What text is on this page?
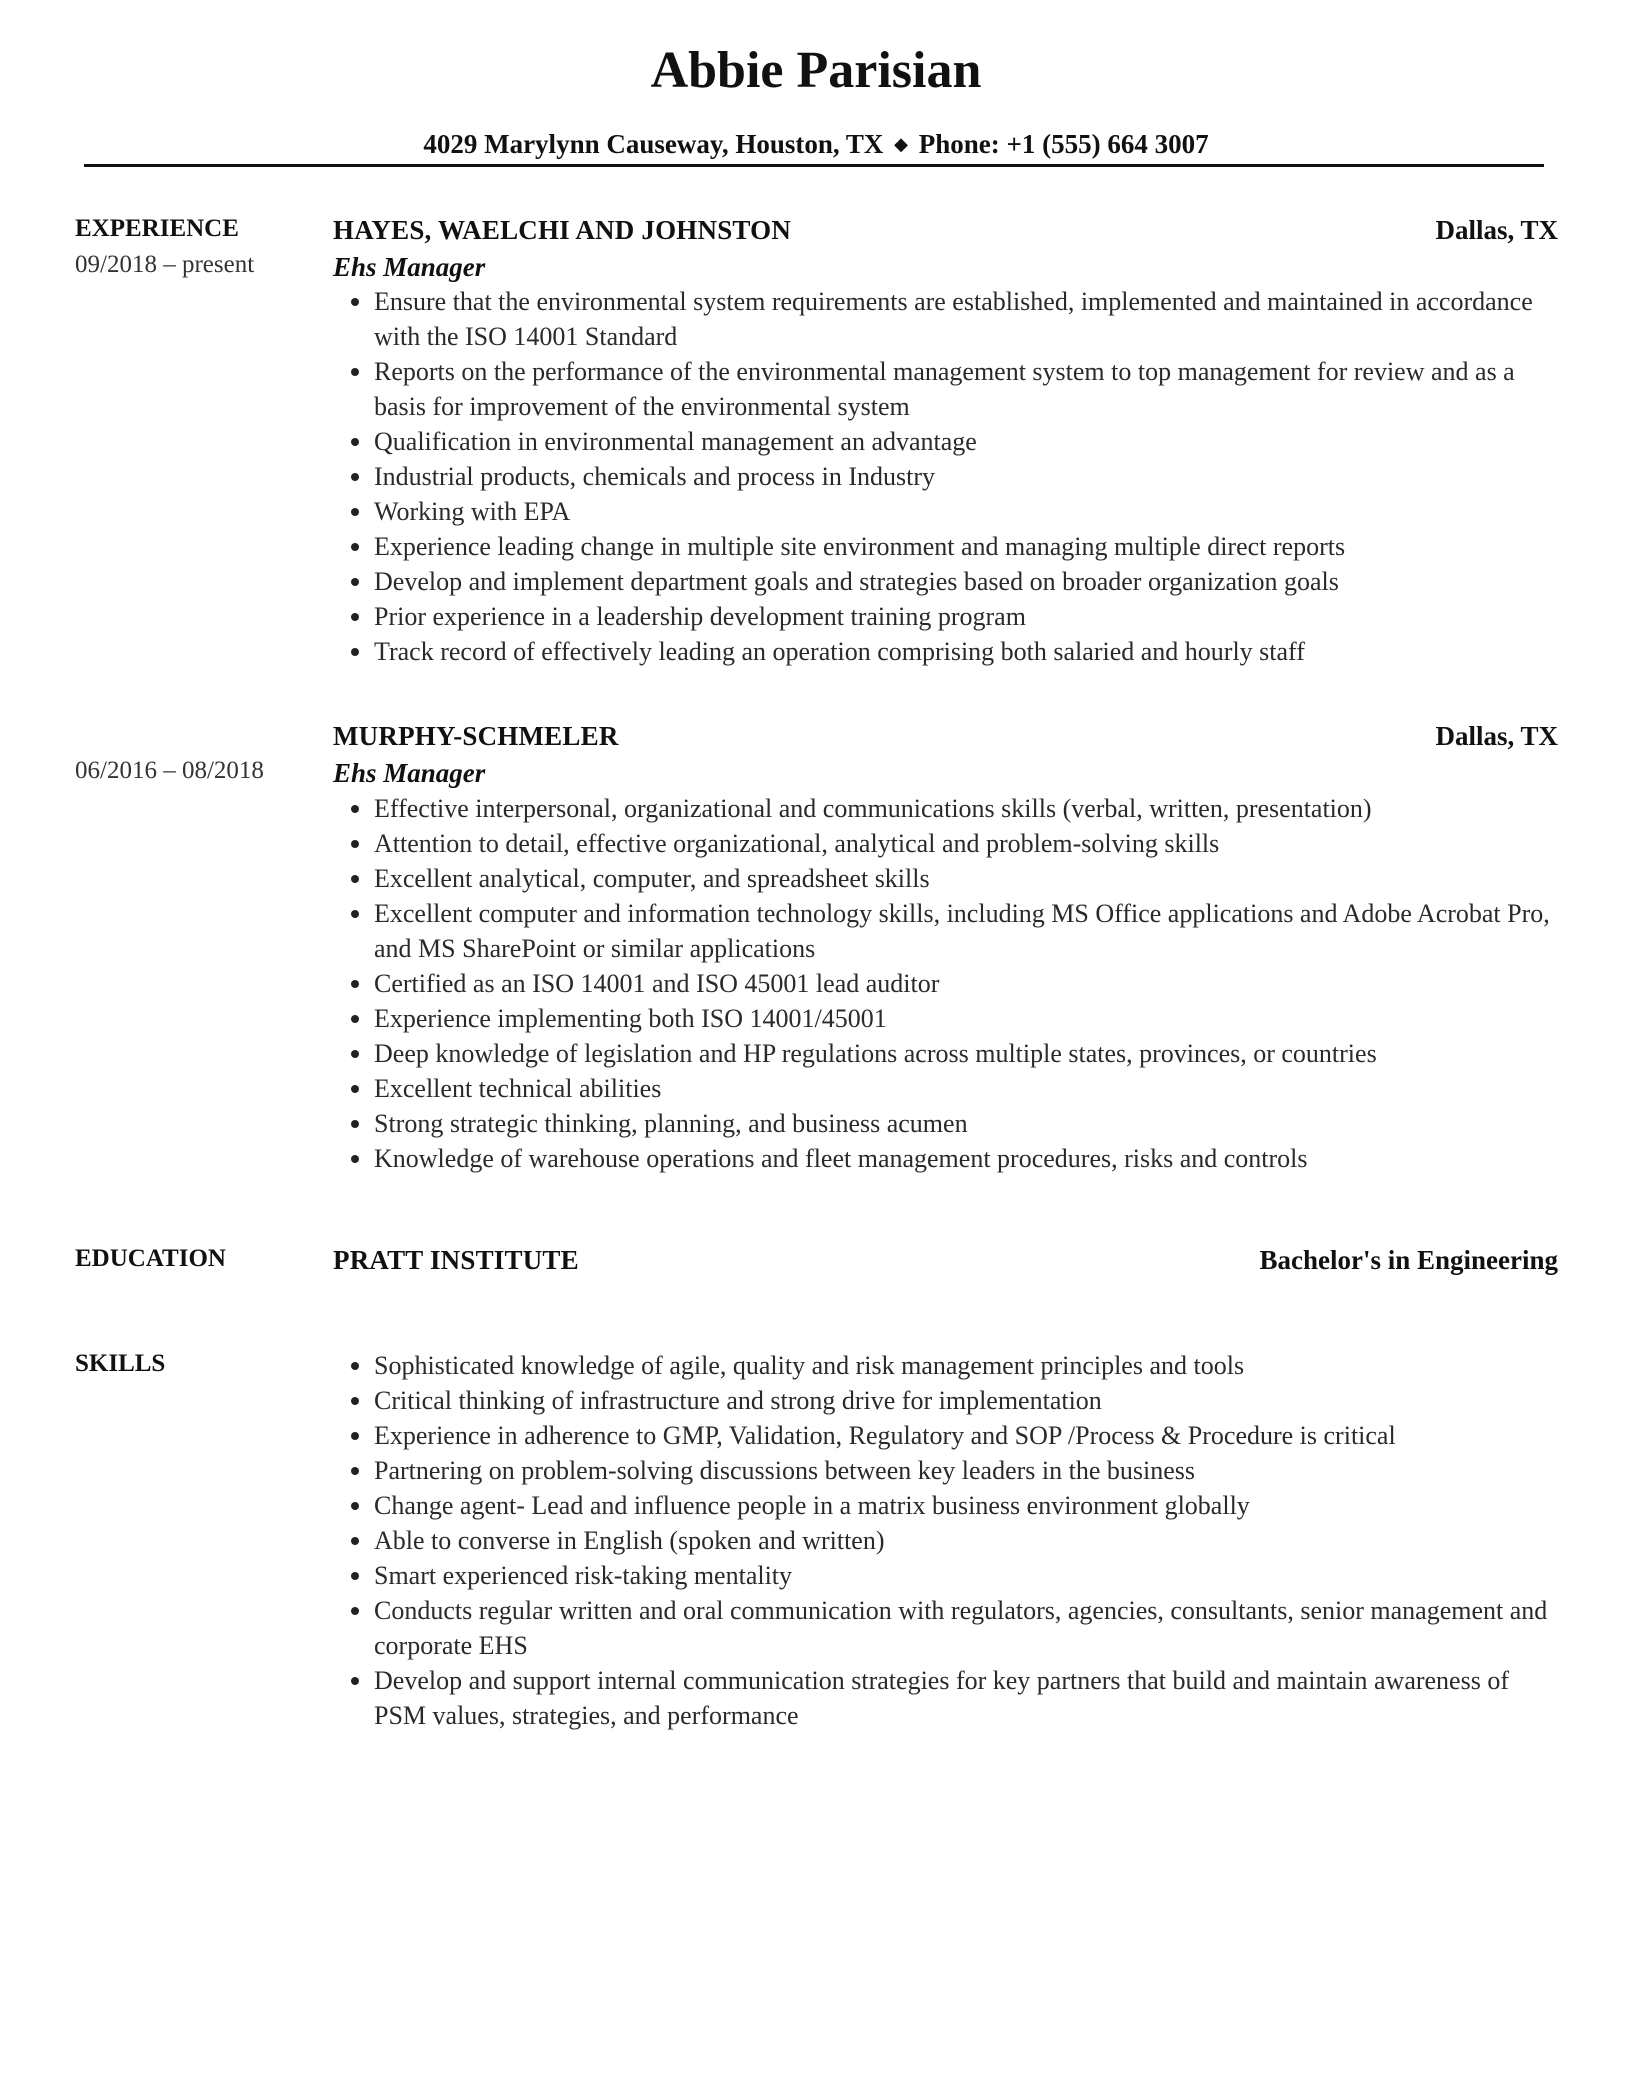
Abbie Parisian
4029 Marylynn Causeway, Houston, TX ◆ Phone: +1 (555) 664 3007
EXPERIENCE
09/2018 – present
HAYES, WAELCHI AND JOHNSTON	Dallas, TX
Ehs Manager
Ensure that the environmental system requirements are established, implemented and maintained in accordance with the ISO 14001 Standard
Reports on the performance of the environmental management system to top management for review and as a basis for improvement of the environmental system
Qualification in environmental management an advantage
Industrial products, chemicals and process in Industry
Working with EPA
Experience leading change in multiple site environment and managing multiple direct reports
Develop and implement department goals and strategies based on broader organization goals
Prior experience in a leadership development training program
Track record of effectively leading an operation comprising both salaried and hourly staff
06/2016 – 08/2018
MURPHY-SCHMELER	Dallas, TX
Ehs Manager
Effective interpersonal, organizational and communications skills (verbal, written, presentation)
Attention to detail, effective organizational, analytical and problem-solving skills
Excellent analytical, computer, and spreadsheet skills
Excellent computer and information technology skills, including MS Office applications and Adobe Acrobat Pro, and MS SharePoint or similar applications
Certified as an ISO 14001 and ISO 45001 lead auditor
Experience implementing both ISO 14001/45001
Deep knowledge of legislation and HP regulations across multiple states, provinces, or countries
Excellent technical abilities
Strong strategic thinking, planning, and business acumen
Knowledge of warehouse operations and fleet management procedures, risks and controls
EDUCATION	PRATT INSTITUTE	Bachelor's in Engineering
SKILLS	Sophisticated knowledge of agile, quality and risk management principles and tools
Critical thinking of infrastructure and strong drive for implementation
Experience in adherence to GMP, Validation, Regulatory and SOP /Process & Procedure is critical
Partnering on problem-solving discussions between key leaders in the business
Change agent- Lead and influence people in a matrix business environment globally
Able to converse in English (spoken and written)
Smart experienced risk-taking mentality
Conducts regular written and oral communication with regulators, agencies, consultants, senior management and corporate EHS
Develop and support internal communication strategies for key partners that build and maintain awareness of PSM values, strategies, and performance
